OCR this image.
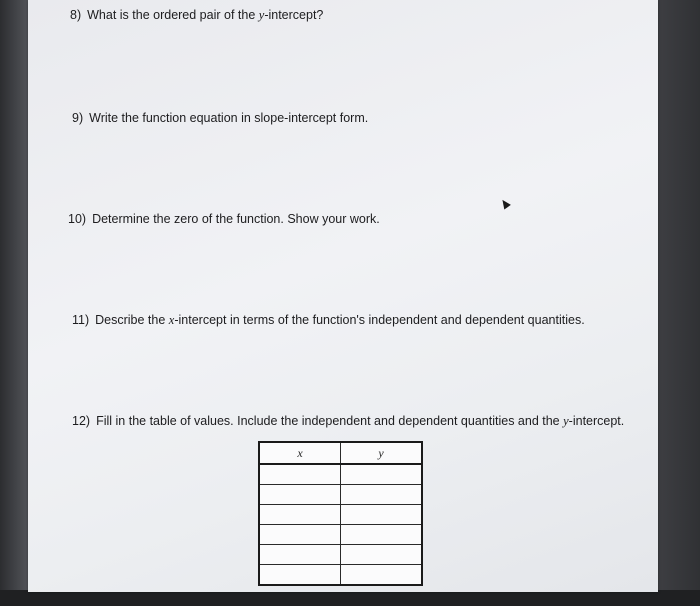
8) What is the ordered pair of the y-intercept?
9) Write the function equation in slope-intercept form.
10) Determine the zero of the function. Show your work.
11) Describe the x-intercept in terms of the function's independent and dependent quantities.
12) Fill in the table of values. Include the independent and dependent quantities and the y-intercept.
x	y
